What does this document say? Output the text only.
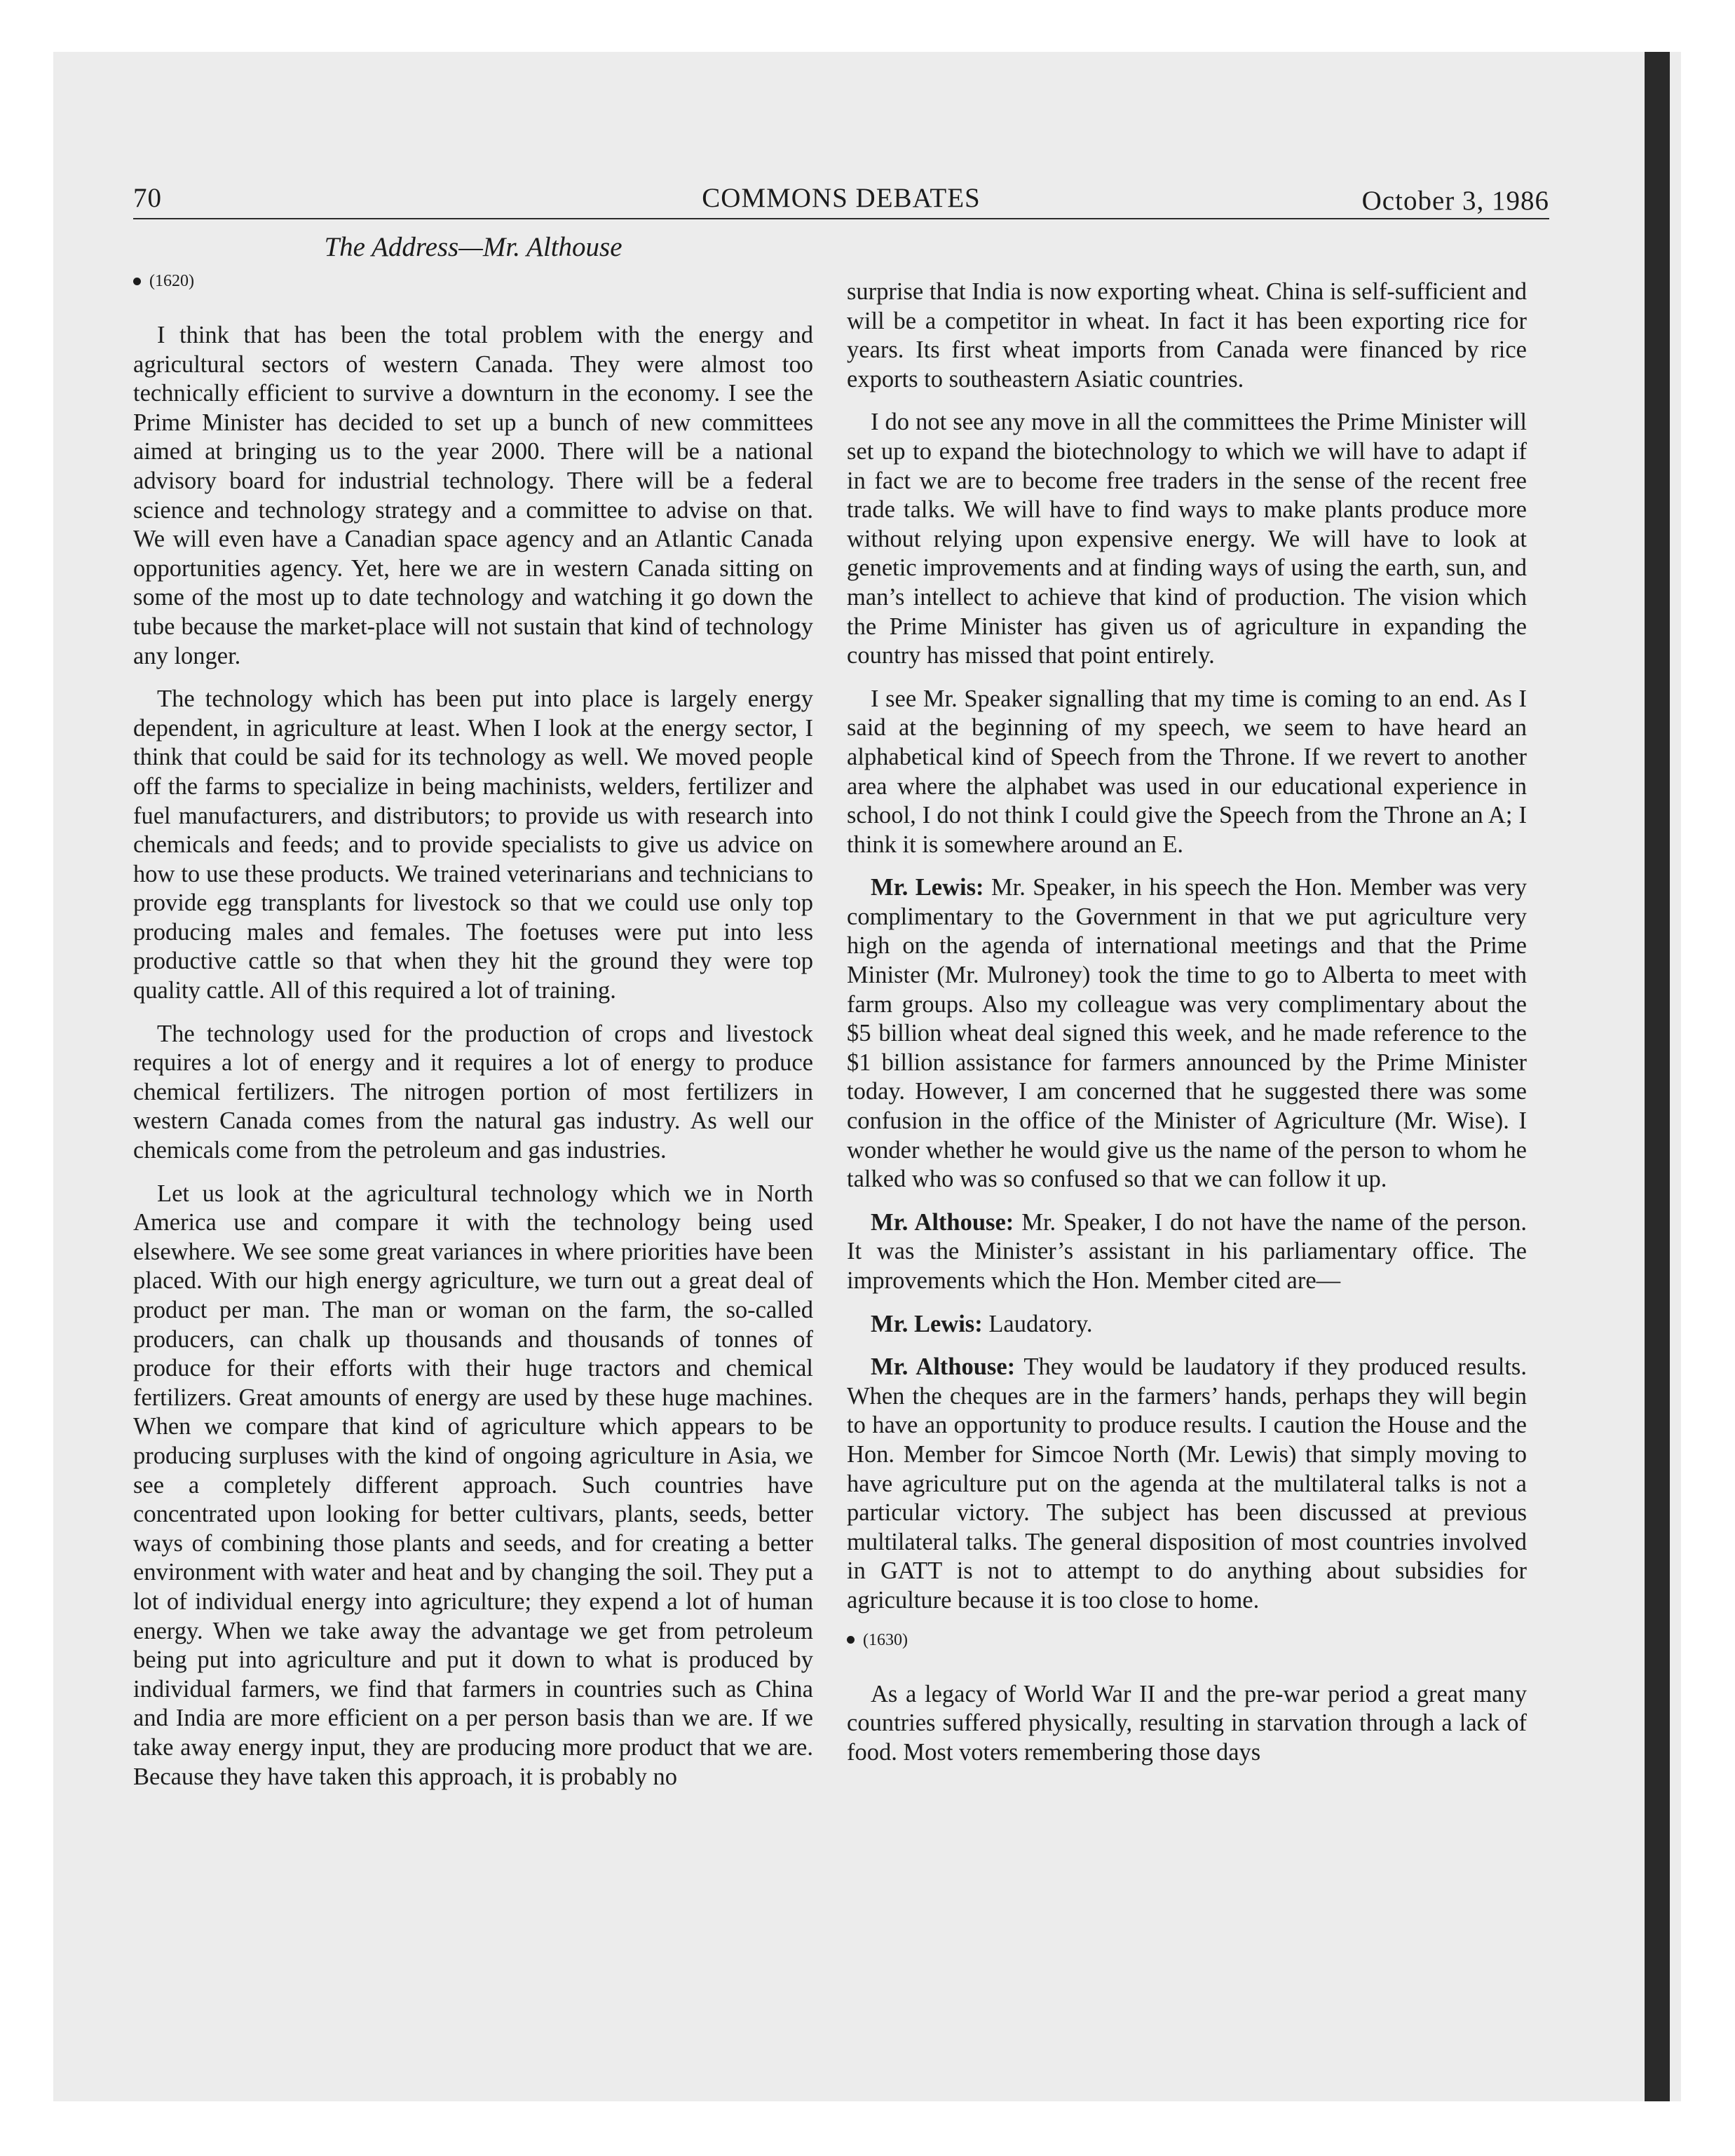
70	COMMONS DEBATES	October 3, 1986
The Address—Mr. Althouse
(1620)

I think that has been the total problem with the energy and agricultural sectors of western Canada. They were almost too technically efficient to survive a downturn in the economy. I see the Prime Minister has decided to set up a bunch of new committees aimed at bringing us to the year 2000. There will be a national advisory board for industrial technology. There will be a federal science and technology strategy and a committee to advise on that. We will even have a Canadian space agency and an Atlantic Canada opportunities agency. Yet, here we are in western Canada sitting on some of the most up to date technology and watching it go down the tube because the market-place will not sustain that kind of technology any longer.

The technology which has been put into place is largely energy dependent, in agriculture at least. When I look at the energy sector, I think that could be said for its technology as well. We moved people off the farms to specialize in being machinists, welders, fertilizer and fuel manufacturers, and distributors; to provide us with research into chemicals and feeds; and to provide specialists to give us advice on how to use these products. We trained veterinarians and technicians to provide egg transplants for livestock so that we could use only top producing males and females. The foetuses were put into less productive cattle so that when they hit the ground they were top quality cattle. All of this required a lot of training.

The technology used for the production of crops and livestock requires a lot of energy and it requires a lot of energy to produce chemical fertilizers. The nitrogen portion of most fertilizers in western Canada comes from the natural gas industry. As well our chemicals come from the petroleum and gas industries.

Let us look at the agricultural technology which we in North America use and compare it with the technology being used elsewhere. We see some great variances in where priorities have been placed. With our high energy agriculture, we turn out a great deal of product per man. The man or woman on the farm, the so-called producers, can chalk up thousands and thousands of tonnes of produce for their efforts with their huge tractors and chemical fertilizers. Great amounts of energy are used by these huge machines. When we compare that kind of agriculture which appears to be producing surpluses with the kind of ongoing agriculture in Asia, we see a completely different approach. Such countries have concentrated upon looking for better cultivars, plants, seeds, better ways of combining those plants and seeds, and for creating a better environment with water and heat and by changing the soil. They put a lot of individual energy into agriculture; they expend a lot of human energy. When we take away the advantage we get from petroleum being put into agriculture and put it down to what is produced by individual farmers, we find that farmers in countries such as China and India are more efficient on a per person basis than we are. If we take away energy input, they are producing more product that we are. Because they have taken this approach, it is probably no

surprise that India is now exporting wheat. China is self-sufficient and will be a competitor in wheat. In fact it has been exporting rice for years. Its first wheat imports from Canada were financed by rice exports to southeastern Asiatic countries.

I do not see any move in all the committees the Prime Minister will set up to expand the biotechnology to which we will have to adapt if in fact we are to become free traders in the sense of the recent free trade talks. We will have to find ways to make plants produce more without relying upon expensive energy. We will have to look at genetic improvements and at finding ways of using the earth, sun, and man’s intellect to achieve that kind of production. The vision which the Prime Minister has given us of agriculture in expanding the country has missed that point entirely.

I see Mr. Speaker signalling that my time is coming to an end. As I said at the beginning of my speech, we seem to have heard an alphabetical kind of Speech from the Throne. If we revert to another area where the alphabet was used in our educational experience in school, I do not think I could give the Speech from the Throne an A; I think it is somewhere around an E.

Mr. Lewis: Mr. Speaker, in his speech the Hon. Member was very complimentary to the Government in that we put agriculture very high on the agenda of international meetings and that the Prime Minister (Mr. Mulroney) took the time to go to Alberta to meet with farm groups. Also my colleague was very complimentary about the $5 billion wheat deal signed this week, and he made reference to the $1 billion assistance for farmers announced by the Prime Minister today. However, I am concerned that he suggested there was some confusion in the office of the Minister of Agriculture (Mr. Wise). I wonder whether he would give us the name of the person to whom he talked who was so confused so that we can follow it up.

Mr. Althouse: Mr. Speaker, I do not have the name of the person. It was the Minister’s assistant in his parliamentary office. The improvements which the Hon. Member cited are—

Mr. Lewis: Laudatory.

Mr. Althouse: They would be laudatory if they produced results. When the cheques are in the farmers’ hands, perhaps they will begin to have an opportunity to produce results. I caution the House and the Hon. Member for Simcoe North (Mr. Lewis) that simply moving to have agriculture put on the agenda at the multilateral talks is not a particular victory. The subject has been discussed at previous multilateral talks. The general disposition of most countries involved in GATT is not to attempt to do anything about subsidies for agriculture because it is too close to home.

(1630)

As a legacy of World War II and the pre-war period a great many countries suffered physically, resulting in starvation through a lack of food. Most voters remembering those days
